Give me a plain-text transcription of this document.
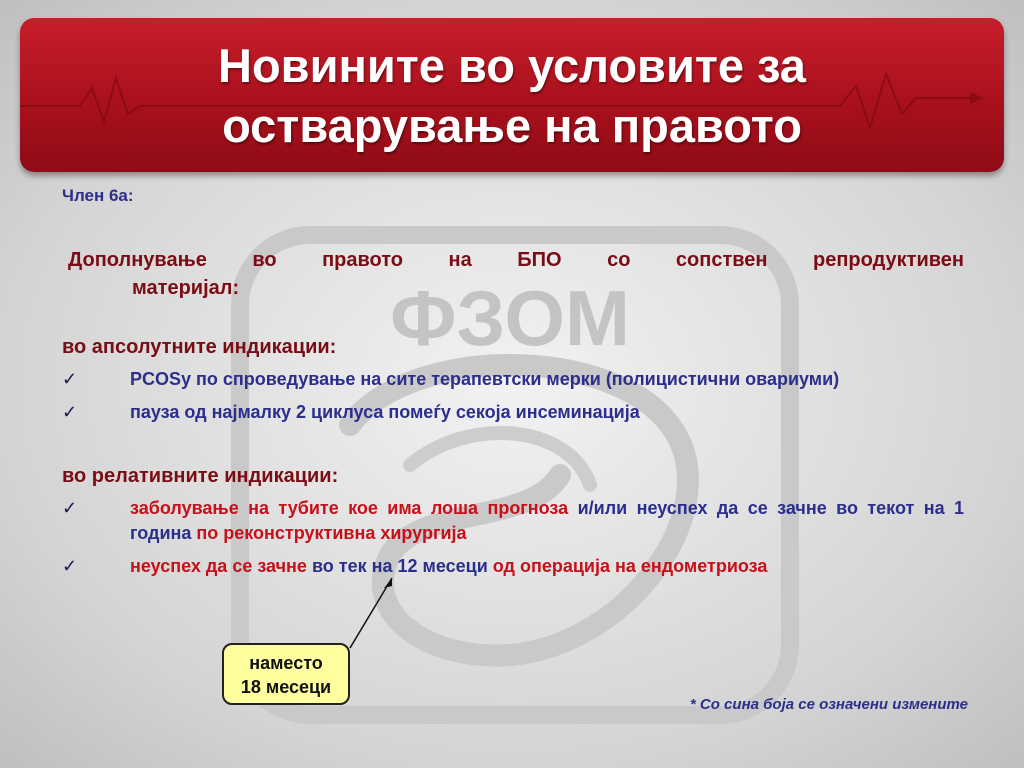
Новините во условите за
остварување на правото
ФЗОМ
Член 6а:
Дополнување во правото на БПО со сопствен репродуктивен
материјал:
во апсолутните индикации:
✓	PCOSу по спроведување на сите терапевтски мерки (полицистични овариуми)
✓	пауза од најмалку 2 циклуса помеѓу секоја инсеминација
во релативните индикации:
✓	заболување на тубите кое има лоша прогноза и/или неуспех да се зачне во текот на 1 година по реконструктивна хирургија
✓	неуспех да се зачне во тек на 12 месеци од операција на ендометриоза
наместо
18 месеци
* Со сина боја се означени измените
